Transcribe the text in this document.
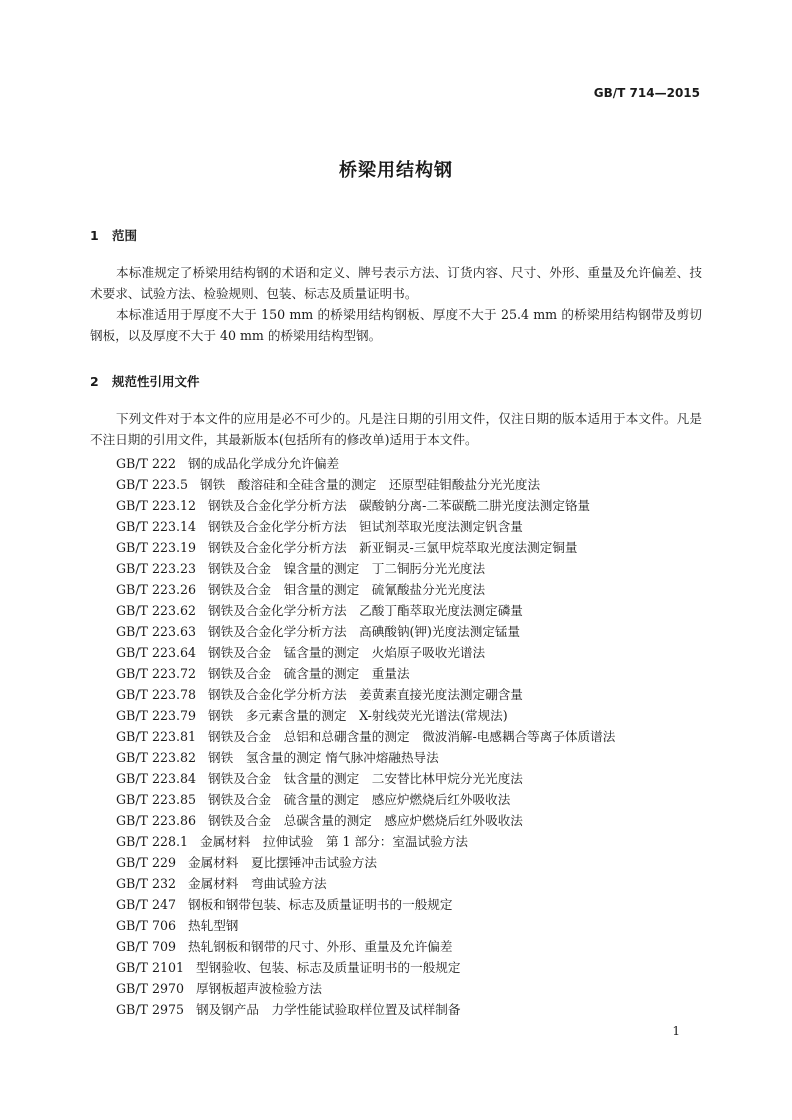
GB/T 714—2015
桥梁用结构钢
1 范围

本标准规定了桥梁用结构钢的术语和定义、牌号表示方法、订货内容、尺寸、外形、重量及允许偏差、技术要求、试验方法、检验规则、包装、标志及质量证明书。

本标准适用于厚度不大于 150 mm 的桥梁用结构钢板、厚度不大于 25.4 mm 的桥梁用结构钢带及剪切钢板，以及厚度不大于 40 mm 的桥梁用结构型钢。

2 规范性引用文件

下列文件对于本文件的应用是必不可少的。凡是注日期的引用文件，仅注日期的版本适用于本文件。凡是不注日期的引用文件，其最新版本(包括所有的修改单)适用于本文件。

GB/T 222 钢的成品化学成分允许偏差
GB/T 223.5 钢铁　酸溶硅和全硅含量的测定　还原型硅钼酸盐分光光度法
GB/T 223.12 钢铁及合金化学分析方法　碳酸钠分离-二苯碳酰二肼光度法测定铬量
GB/T 223.14 钢铁及合金化学分析方法　钽试剂萃取光度法测定钒含量
GB/T 223.19 钢铁及合金化学分析方法　新亚铜灵-三氯甲烷萃取光度法测定铜量
GB/T 223.23 钢铁及合金　镍含量的测定　丁二铜肟分光光度法
GB/T 223.26 钢铁及合金　钼含量的测定　硫氰酸盐分光光度法
GB/T 223.62 钢铁及合金化学分析方法　乙酸丁酯萃取光度法测定磷量
GB/T 223.63 钢铁及合金化学分析方法　高碘酸钠(钾)光度法测定锰量
GB/T 223.64 钢铁及合金　锰含量的测定　火焰原子吸收光谱法
GB/T 223.72 钢铁及合金　硫含量的测定　重量法
GB/T 223.78 钢铁及合金化学分析方法　姜黄素直接光度法测定硼含量
GB/T 223.79 钢铁　多元素含量的测定　X-射线荧光光谱法(常规法)
GB/T 223.81 钢铁及合金　总铝和总硼含量的测定　微波消解-电感耦合等离子体质谱法
GB/T 223.82 钢铁　氢含量的测定 惰气脉冲熔融热导法
GB/T 223.84 钢铁及合金　钛含量的测定　二安替比林甲烷分光光度法
GB/T 223.85 钢铁及合金　硫含量的测定　感应炉燃烧后红外吸收法
GB/T 223.86 钢铁及合金　总碳含量的测定　感应炉燃烧后红外吸收法
GB/T 228.1 金属材料　拉伸试验　第 1 部分：室温试验方法
GB/T 229 金属材料　夏比摆锤冲击试验方法
GB/T 232 金属材料　弯曲试验方法
GB/T 247 钢板和钢带包装、标志及质量证明书的一般规定
GB/T 706 热轧型钢
GB/T 709 热轧钢板和钢带的尺寸、外形、重量及允许偏差
GB/T 2101 型钢验收、包装、标志及质量证明书的一般规定
GB/T 2970 厚钢板超声波检验方法
GB/T 2975 钢及钢产品　力学性能试验取样位置及试样制备
1
